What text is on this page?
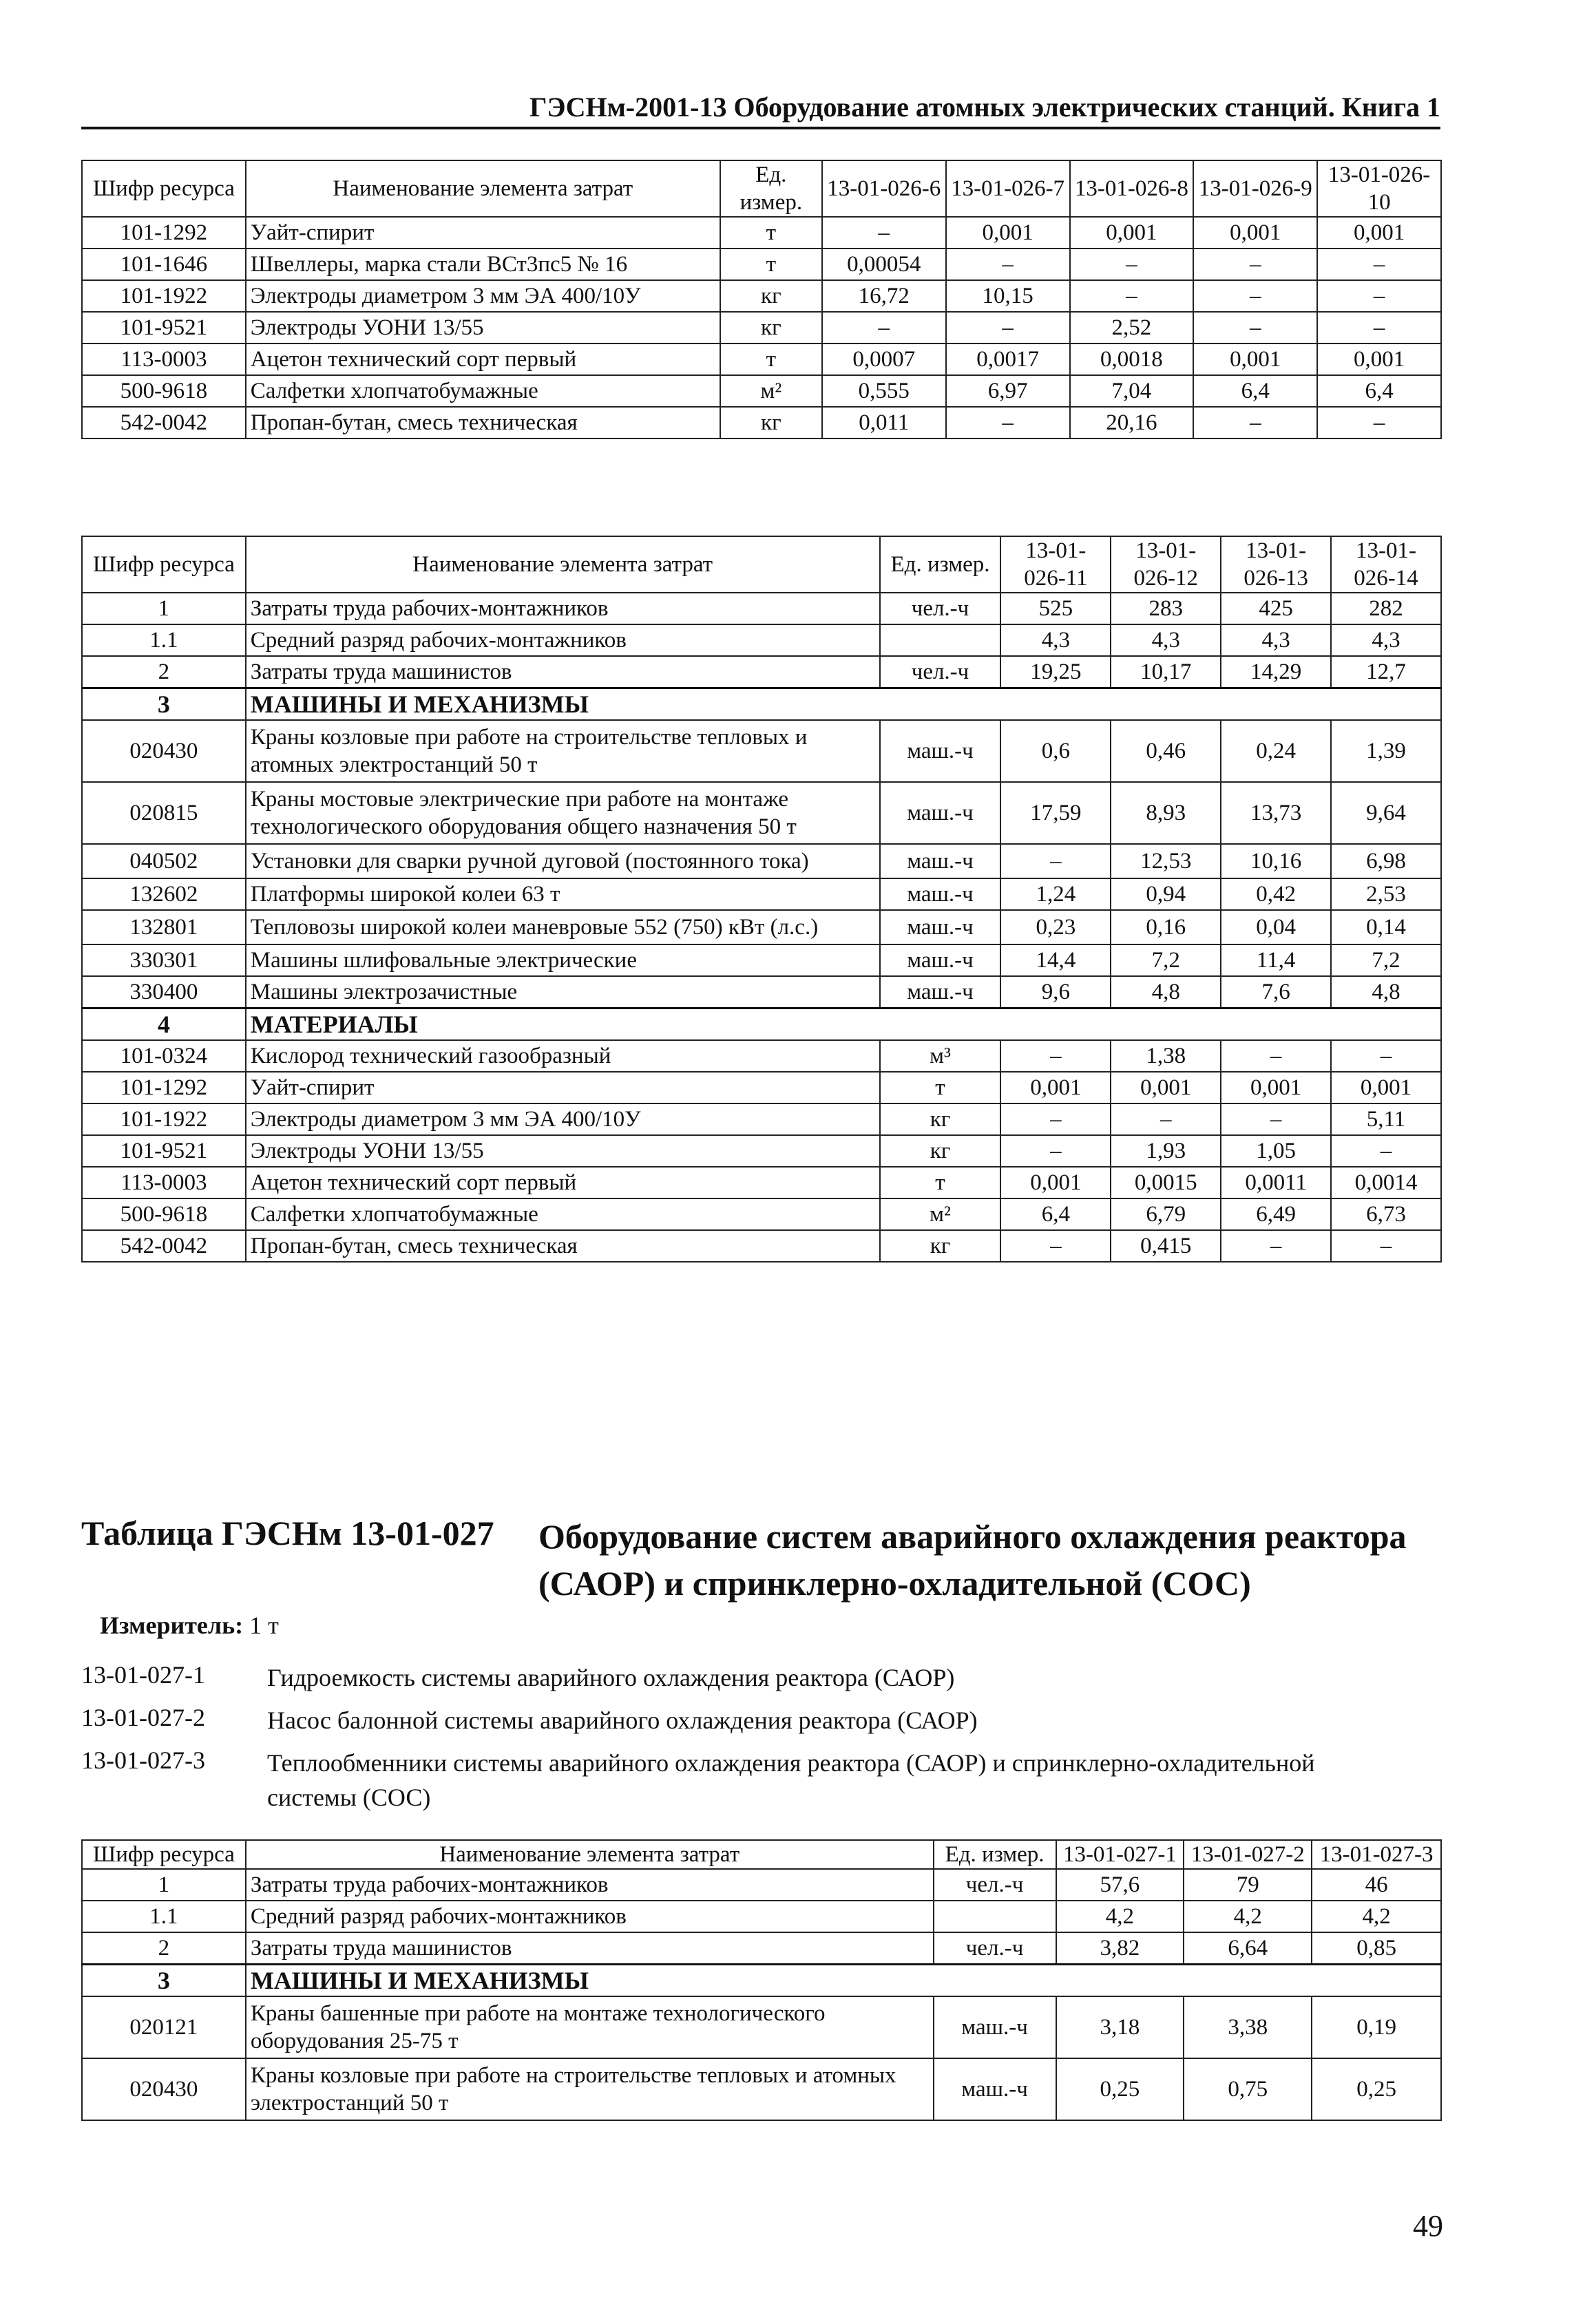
ГЭСНм-2001-13 Оборудование атомных электрических станций. Книга 1
Шифр ресурса	Наименование элемента затрат	Ед. измер.	13-01-026-6	13-01-026-7	13-01-026-8	13-01-026-9	13-01-026-10
101-1292	Уайт-спирит	т	–	0,001	0,001	0,001	0,001
101-1646	Швеллеры, марка стали ВСт3пс5 № 16	т	0,00054	–	–	–	–
101-1922	Электроды диаметром 3 мм ЭА 400/10У	кг	16,72	10,15	–	–	–
101-9521	Электроды УОНИ 13/55	кг	–	–	2,52	–	–
113-0003	Ацетон технический сорт первый	т	0,0007	0,0017	0,0018	0,001	0,001
500-9618	Салфетки хлопчатобумажные	м²	0,555	6,97	7,04	6,4	6,4
542-0042	Пропан-бутан, смесь техническая	кг	0,011	–	20,16	–	–
Шифр ресурса	Наименование элемента затрат	Ед. измер.	13-01-026-11	13-01-026-12	13-01-026-13	13-01-026-14
1	Затраты труда рабочих-монтажников	чел.-ч	525	283	425	282
1.1	Средний разряд рабочих-монтажников		4,3	4,3	4,3	4,3
2	Затраты труда машинистов	чел.-ч	19,25	10,17	14,29	12,7
3	МАШИНЫ И МЕХАНИЗМЫ					
020430	Краны козловые при работе на строительстве тепловых и атомных электростанций 50 т	маш.-ч	0,6	0,46	0,24	1,39
020815	Краны мостовые электрические при работе на монтаже технологического оборудования общего назначения 50 т	маш.-ч	17,59	8,93	13,73	9,64
040502	Установки для сварки ручной дуговой (постоянного тока)	маш.-ч	–	12,53	10,16	6,98
132602	Платформы широкой колеи 63 т	маш.-ч	1,24	0,94	0,42	2,53
132801	Тепловозы широкой колеи маневровые 552 (750) кВт (л.с.)	маш.-ч	0,23	0,16	0,04	0,14
330301	Машины шлифовальные электрические	маш.-ч	14,4	7,2	11,4	7,2
330400	Машины электрозачистные	маш.-ч	9,6	4,8	7,6	4,8
4	МАТЕРИАЛЫ					
101-0324	Кислород технический газообразный	м³	–	1,38	–	–
101-1292	Уайт-спирит	т	0,001	0,001	0,001	0,001
101-1922	Электроды диаметром 3 мм ЭА 400/10У	кг	–	–	–	5,11
101-9521	Электроды УОНИ 13/55	кг	–	1,93	1,05	–
113-0003	Ацетон технический сорт первый	т	0,001	0,0015	0,0011	0,0014
500-9618	Салфетки хлопчатобумажные	м²	6,4	6,79	6,49	6,73
542-0042	Пропан-бутан, смесь техническая	кг	–	0,415	–	–
Таблица ГЭСНм 13-01-027 Оборудование систем аварийного охлаждения реактора (САОР) и спринклерно-охладительной (СОС)
Измеритель: 1 т
13-01-027-1	Гидроемкость системы аварийного охлаждения реактора (САОР)
13-01-027-2	Насос балонной системы аварийного охлаждения реактора (САОР)
13-01-027-3	Теплообменники системы аварийного охлаждения реактора (САОР) и спринклерно-охладительной системы (СОС)
Шифр ресурса	Наименование элемента затрат	Ед. измер.	13-01-027-1	13-01-027-2	13-01-027-3
1	Затраты труда рабочих-монтажников	чел.-ч	57,6	79	46
1.1	Средний разряд рабочих-монтажников		4,2	4,2	4,2
2	Затраты труда машинистов	чел.-ч	3,82	6,64	0,85
3	МАШИНЫ И МЕХАНИЗМЫ				
020121	Краны башенные при работе на монтаже технологического оборудования 25-75 т	маш.-ч	3,18	3,38	0,19
020430	Краны козловые при работе на строительстве тепловых и атомных электростанций 50 т	маш.-ч	0,25	0,75	0,25
49
